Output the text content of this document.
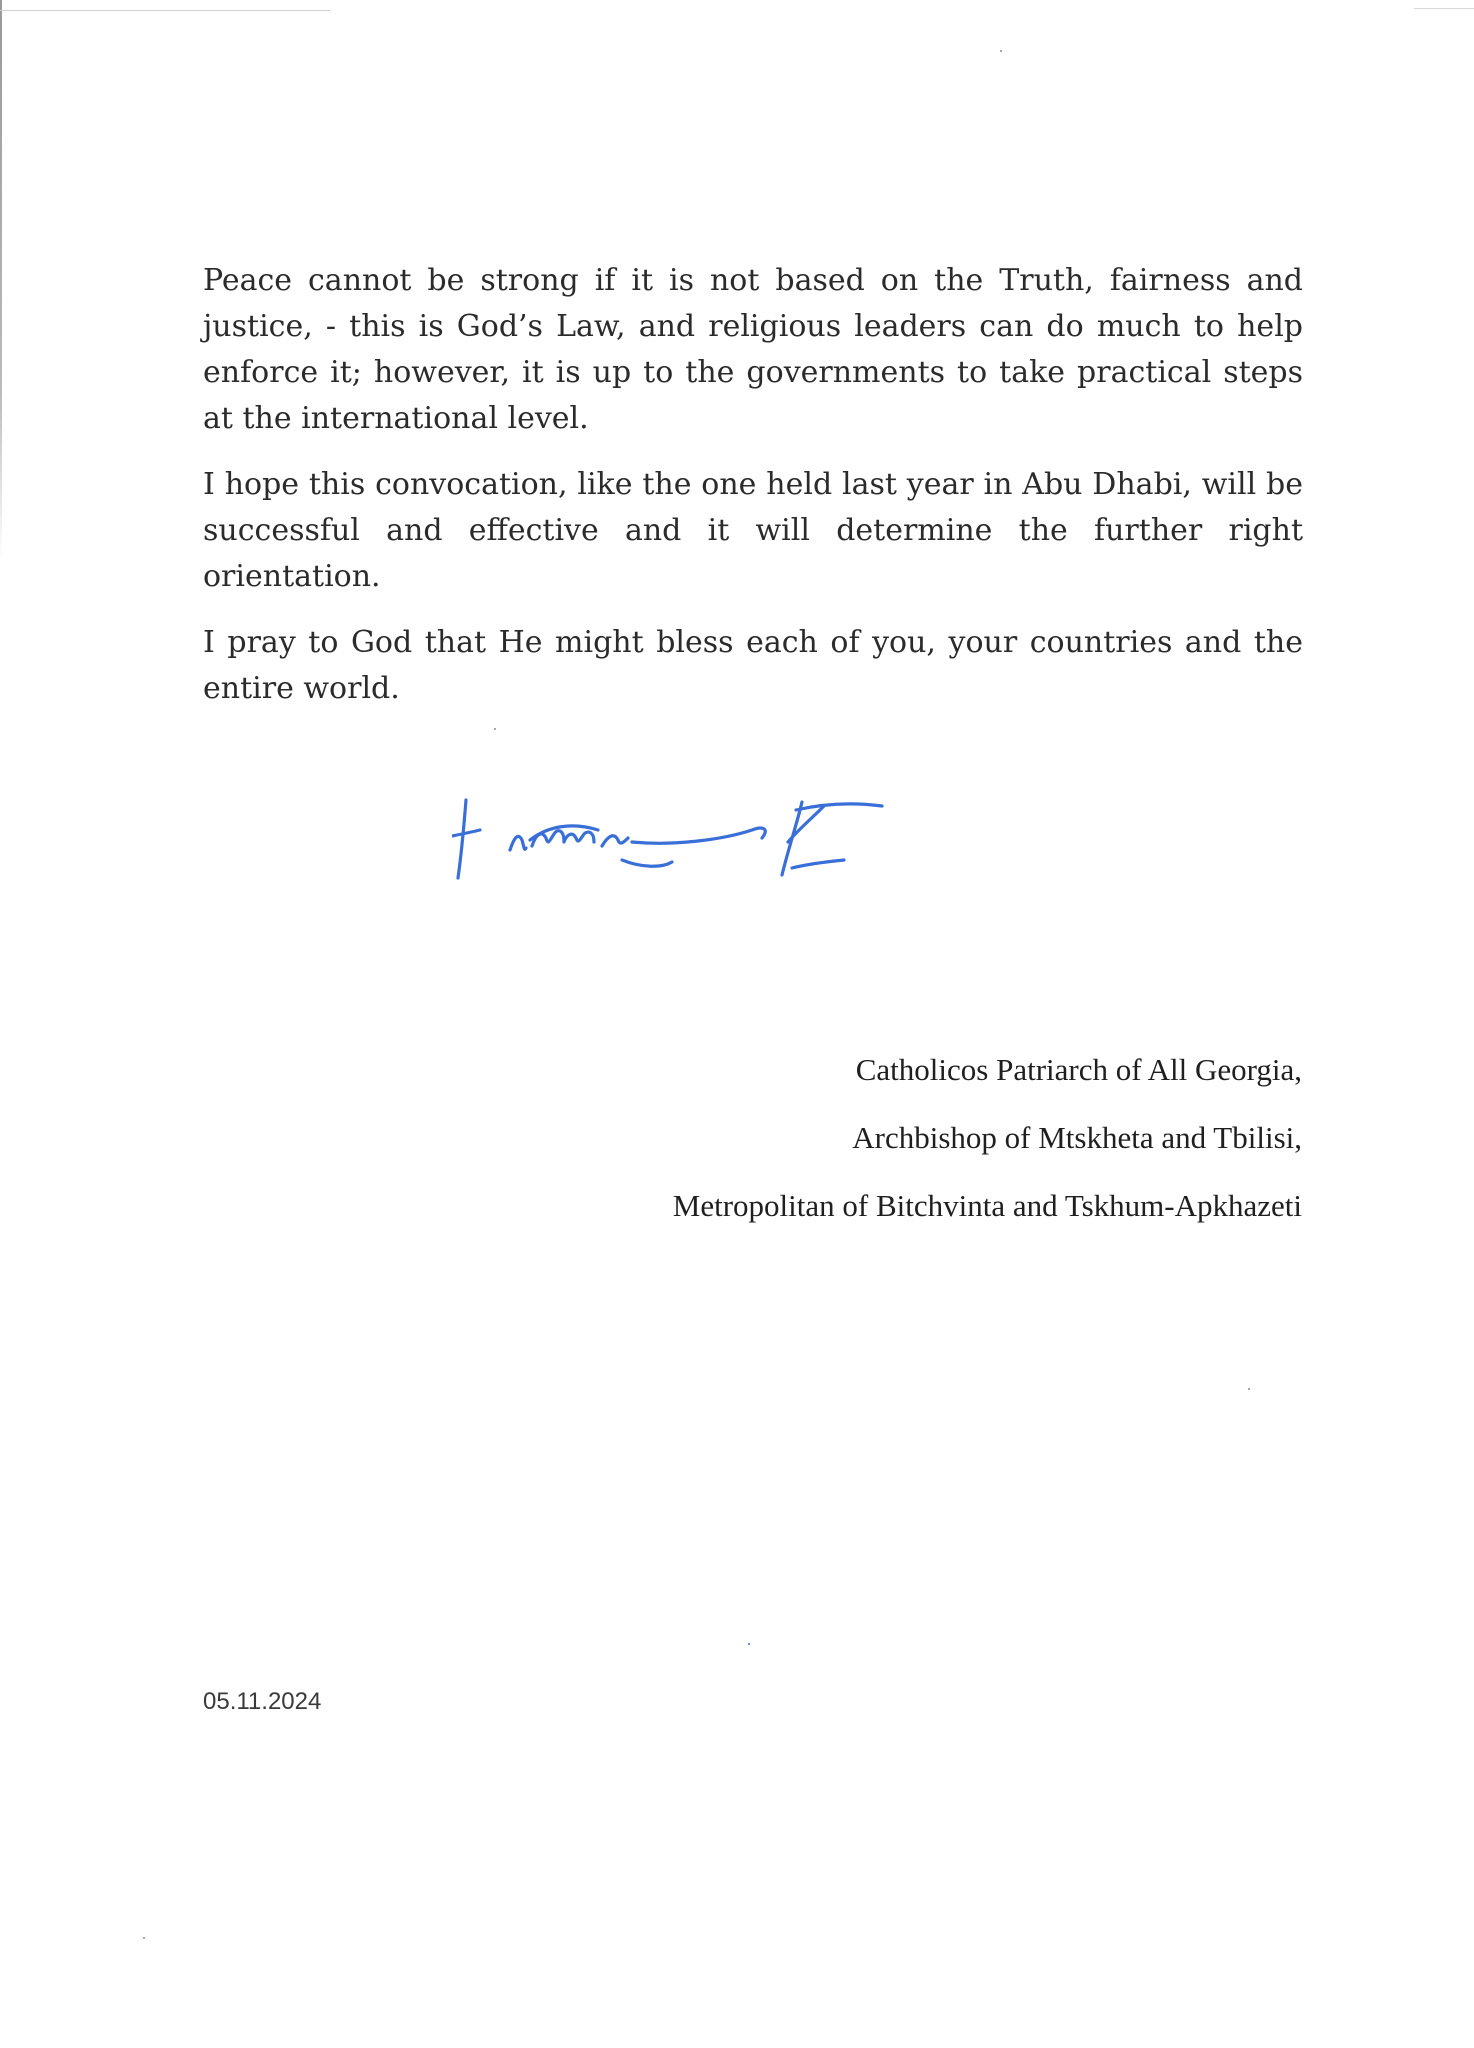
Peace cannot be strong if it is not based on the Truth, fairness and justice, - this is God’s Law, and religious leaders can do much to help enforce it; however, it is up to the governments to take practical steps at the international level.

I hope this convocation, like the one held last year in Abu Dhabi, will be successful and effective and it will determine the further right orientation.

I pray to God that He might bless each of you, your countries and the entire world.

Catholicos Patriarch of All Georgia,
Archbishop of Mtskheta and Tbilisi,
Metropolitan of Bitchvinta and Tskhum-Apkhazeti
05.11.2024
